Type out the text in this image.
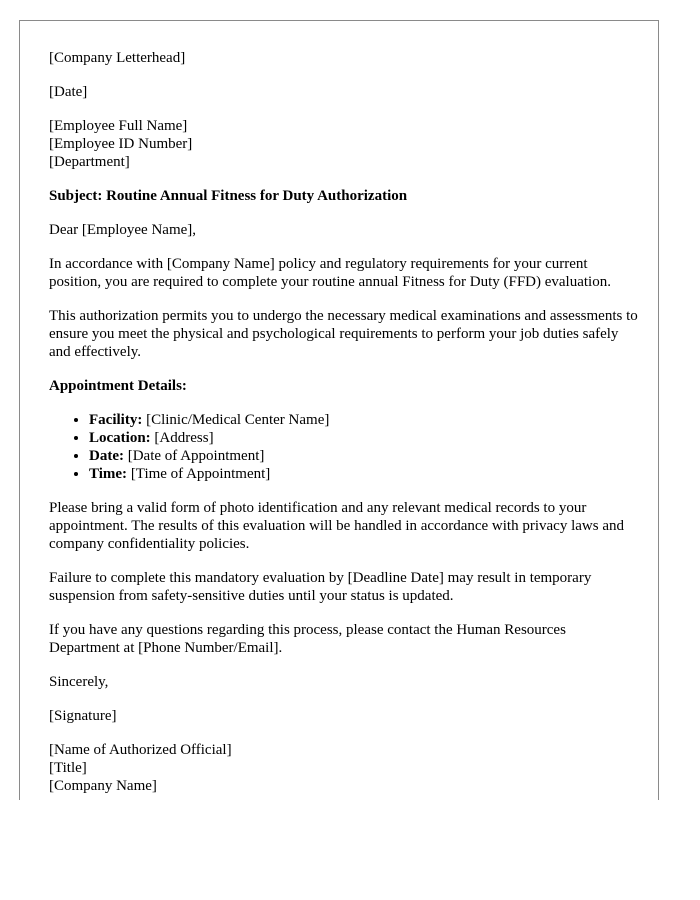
[Company Letterhead]

[Date]

[Employee Full Name]

[Employee ID Number]

[Department]

Subject: Routine Annual Fitness for Duty Authorization

Dear [Employee Name],

In accordance with [Company Name] policy and regulatory requirements for your current position, you are required to complete your routine annual Fitness for Duty (FFD) evaluation.

This authorization permits you to undergo the necessary medical examinations and assessments to ensure you meet the physical and psychological requirements to perform your job duties safely and effectively.

Appointment Details:

• Facility: [Clinic/Medical Center Name]
• Location: [Address]
• Date: [Date of Appointment]
• Time: [Time of Appointment]

Please bring a valid form of photo identification and any relevant medical records to your appointment. The results of this evaluation will be handled in accordance with privacy laws and company confidentiality policies.

Failure to complete this mandatory evaluation by [Deadline Date] may result in temporary suspension from safety-sensitive duties until your status is updated.

If you have any questions regarding this process, please contact the Human Resources Department at [Phone Number/Email].

Sincerely,

[Signature]

[Name of Authorized Official]

[Title]

[Company Name]
